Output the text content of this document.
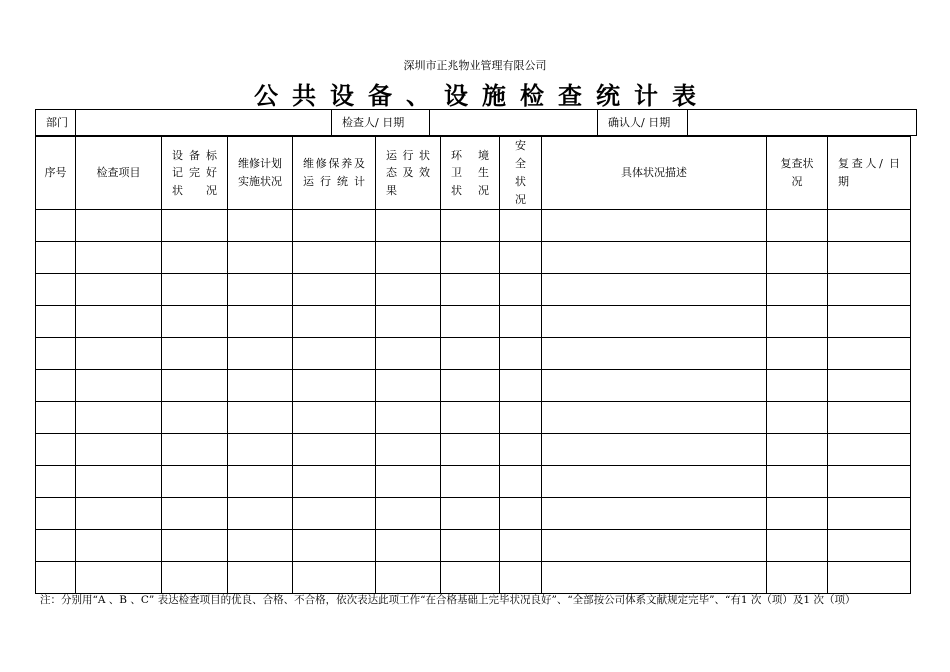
深圳市正兆物业管理有限公司
公共设备、设施检查统计表
部门		检查人/ 日期		确认人/ 日期	
序号	检查项目	设 备 标 记 完 好 状况	维修计划实施状况	维修保养及运行统计	运 行 状 态 及 效 果	环 境 卫 生 状况	安全状况	具体状况描述	复查状况	复查人/ 日期

注：分别用“A 、B 、C” 表达检查项目的优良、合格、不合格，依次表达此项工作“在合格基础上完毕状况良好”、“全部按公司体系文献规定完毕”、“有1 次（项）及1 次（项）
